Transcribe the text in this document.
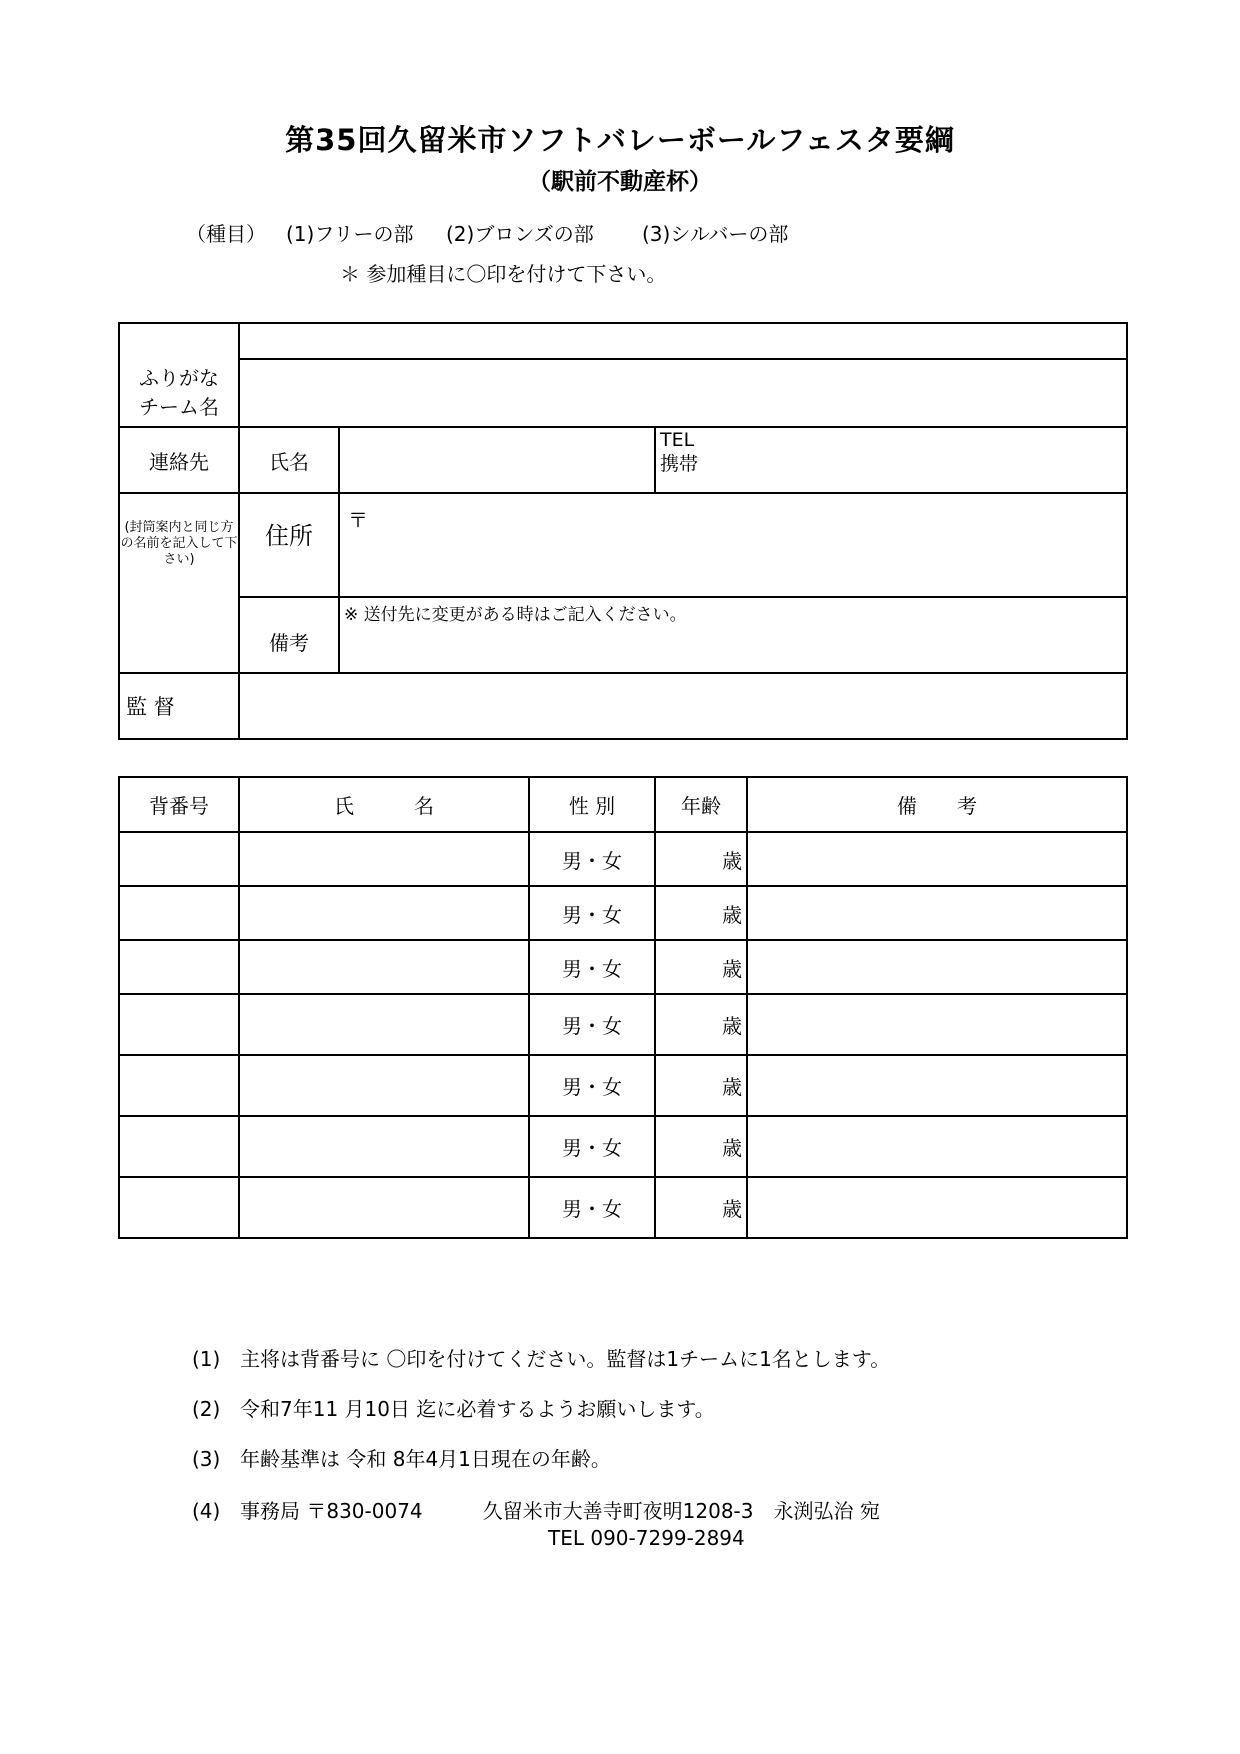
第35回久留米市ソフトバレーボールフェスタ要綱
（駅前不動産杯）
（種目） (1)フリーの部 (2)ブロンズの部 (3)シルバーの部
＊ 参加種目に〇印を付けて下さい。
ふりがな
チーム名			

連絡先	氏名		TEL
携帯

(封筒案内と同じ方の名前を記入して下さい)	住所	〒	
	備考	※ 送付先に変更がある時はご記入ください。	
監 督			
背番号	氏　　　名	性 別	年齢	備　　考
		男・女	歳	
		男・女	歳	
		男・女	歳	
		男・女	歳	
		男・女	歳	
		男・女	歳	
		男・女	歳	
(1) 主将は背番号に 〇印を付けてください。監督は1チームに1名とします。
(2) 令和7年11 月10日 迄に必着するようお願いします。
(3) 年齢基準は 令和 8年4月1日現在の年齢。
(4) 事務局 〒830-0074　　　久留米市大善寺町夜明1208-3　永渕弘治 宛
TEL 090-7299-2894
